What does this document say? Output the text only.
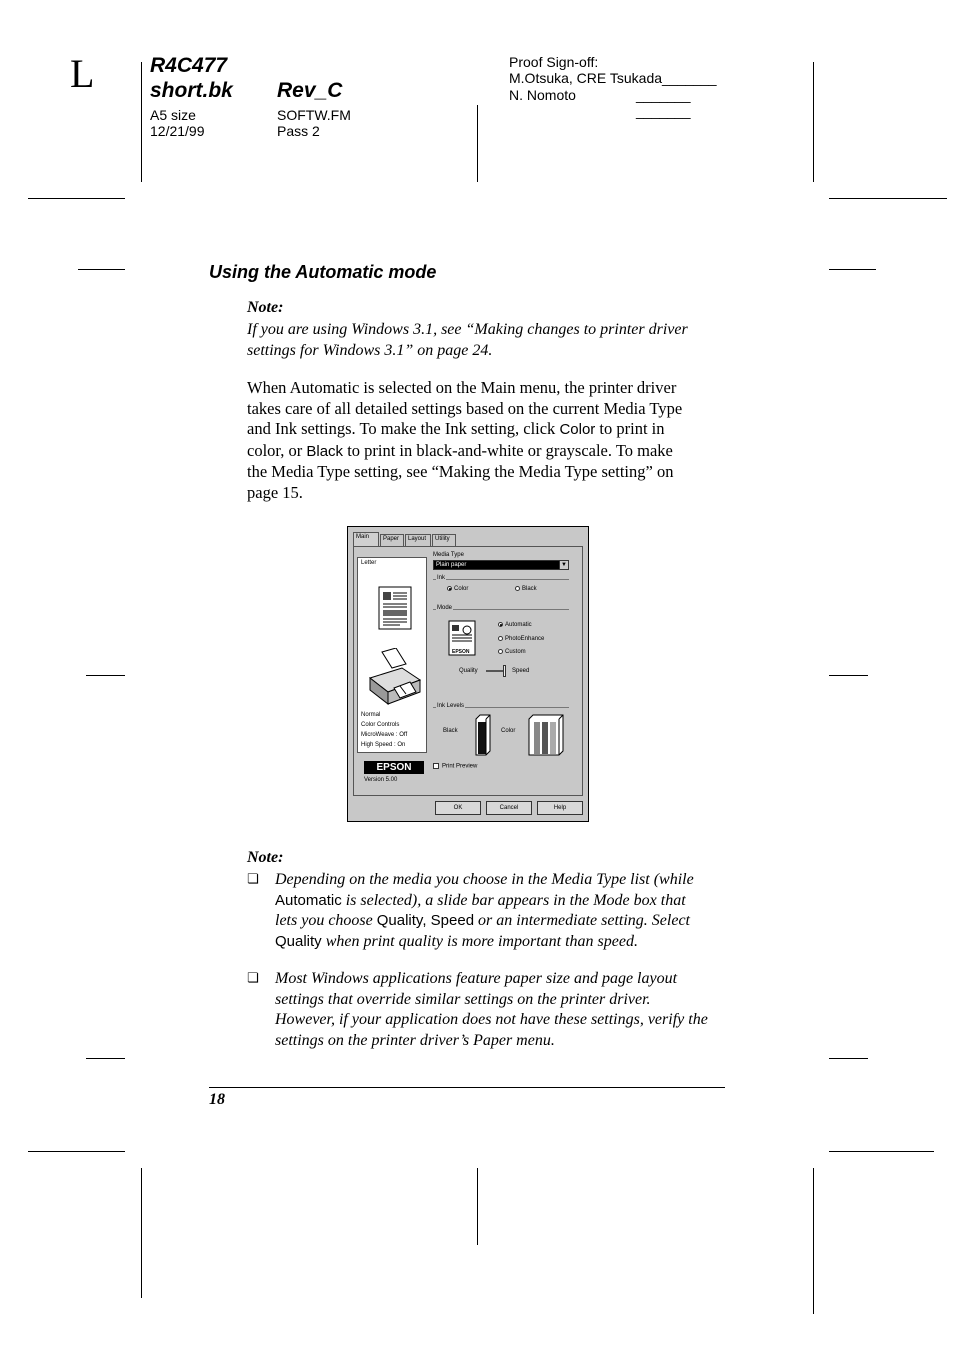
L	R4C477
short.bk Rev_C
A5 size
12/21/99
SOFTW.FM
Pass 2
Proof Sign-off:
M.Otsuka, CRE Tsukada_______
N. Nomoto	_______
_______
Using the Automatic mode
Note:
If you are using Windows 3.1, see “Making changes to printer driver
settings for Windows 3.1” on page 24.
When Automatic is selected on the Main menu, the printer driver
takes care of all detailed settings based on the current Media Type
and Ink settings. To make the Ink setting, click Color to print in
color, or Black to print in black-and-white or grayscale. To make
the Media Type setting, see “Making the Media Type setting” on
page 15.
Main	Paper	Layout	Utility
Letter
Normal
Color Controls
MicroWeave : Off
High Speed : On
Media Type
Plain paper	▼
Ink
Color	Black
Mode
EPSON
Automatic
PhotoEnhance
Custom
Quality	Speed
Ink Levels
Black	Color
EPSON
Version 5.00
Print Preview
OK	Cancel	Help
Note:
❏ Depending on the media you choose in the Media Type list (while
Automatic is selected), a slide bar appears in the Mode box that
lets you choose Quality, Speed or an intermediate setting. Select
Quality when print quality is more important than speed.
❏ Most Windows applications feature paper size and page layout
settings that override similar settings on the printer driver.
However, if your application does not have these settings, verify the
settings on the printer driver’s Paper menu.
18
